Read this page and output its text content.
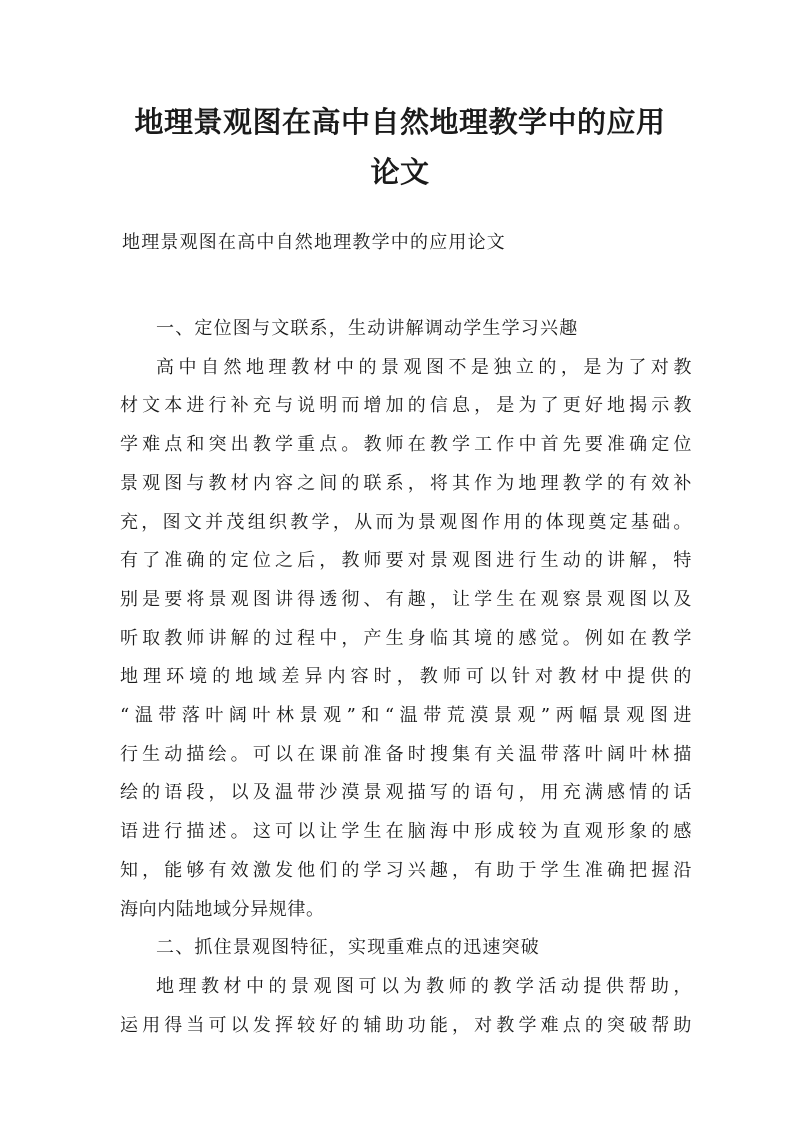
地理景观图在高中自然地理教学中的应用
论文

地理景观图在高中自然地理教学中的应用论文

一、定位图与文联系，生动讲解调动学生学习兴趣

高中自然地理教材中的景观图不是独立的，是为了对教
材文本进行补充与说明而增加的信息，是为了更好地揭示教
学难点和突出教学重点。教师在教学工作中首先要准确定位
景观图与教材内容之间的联系，将其作为地理教学的有效补
充，图文并茂组织教学，从而为景观图作用的体现奠定基础。
有了准确的定位之后，教师要对景观图进行生动的讲解，特
别是要将景观图讲得透彻、有趣，让学生在观察景观图以及
听取教师讲解的过程中，产生身临其境的感觉。例如在教学
地理环境的地域差异内容时，教师可以针对教材中提供的
“温带落叶阔叶林景观”和“温带荒漠景观”两幅景观图进
行生动描绘。可以在课前准备时搜集有关温带落叶阔叶林描
绘的语段，以及温带沙漠景观描写的语句，用充满感情的话
语进行描述。这可以让学生在脑海中形成较为直观形象的感
知，能够有效激发他们的学习兴趣，有助于学生准确把握沿
海向内陆地域分异规律。

二、抓住景观图特征，实现重难点的迅速突破

地理教材中的景观图可以为教师的教学活动提供帮助，
运用得当可以发挥较好的辅助功能，对教学难点的突破帮助
